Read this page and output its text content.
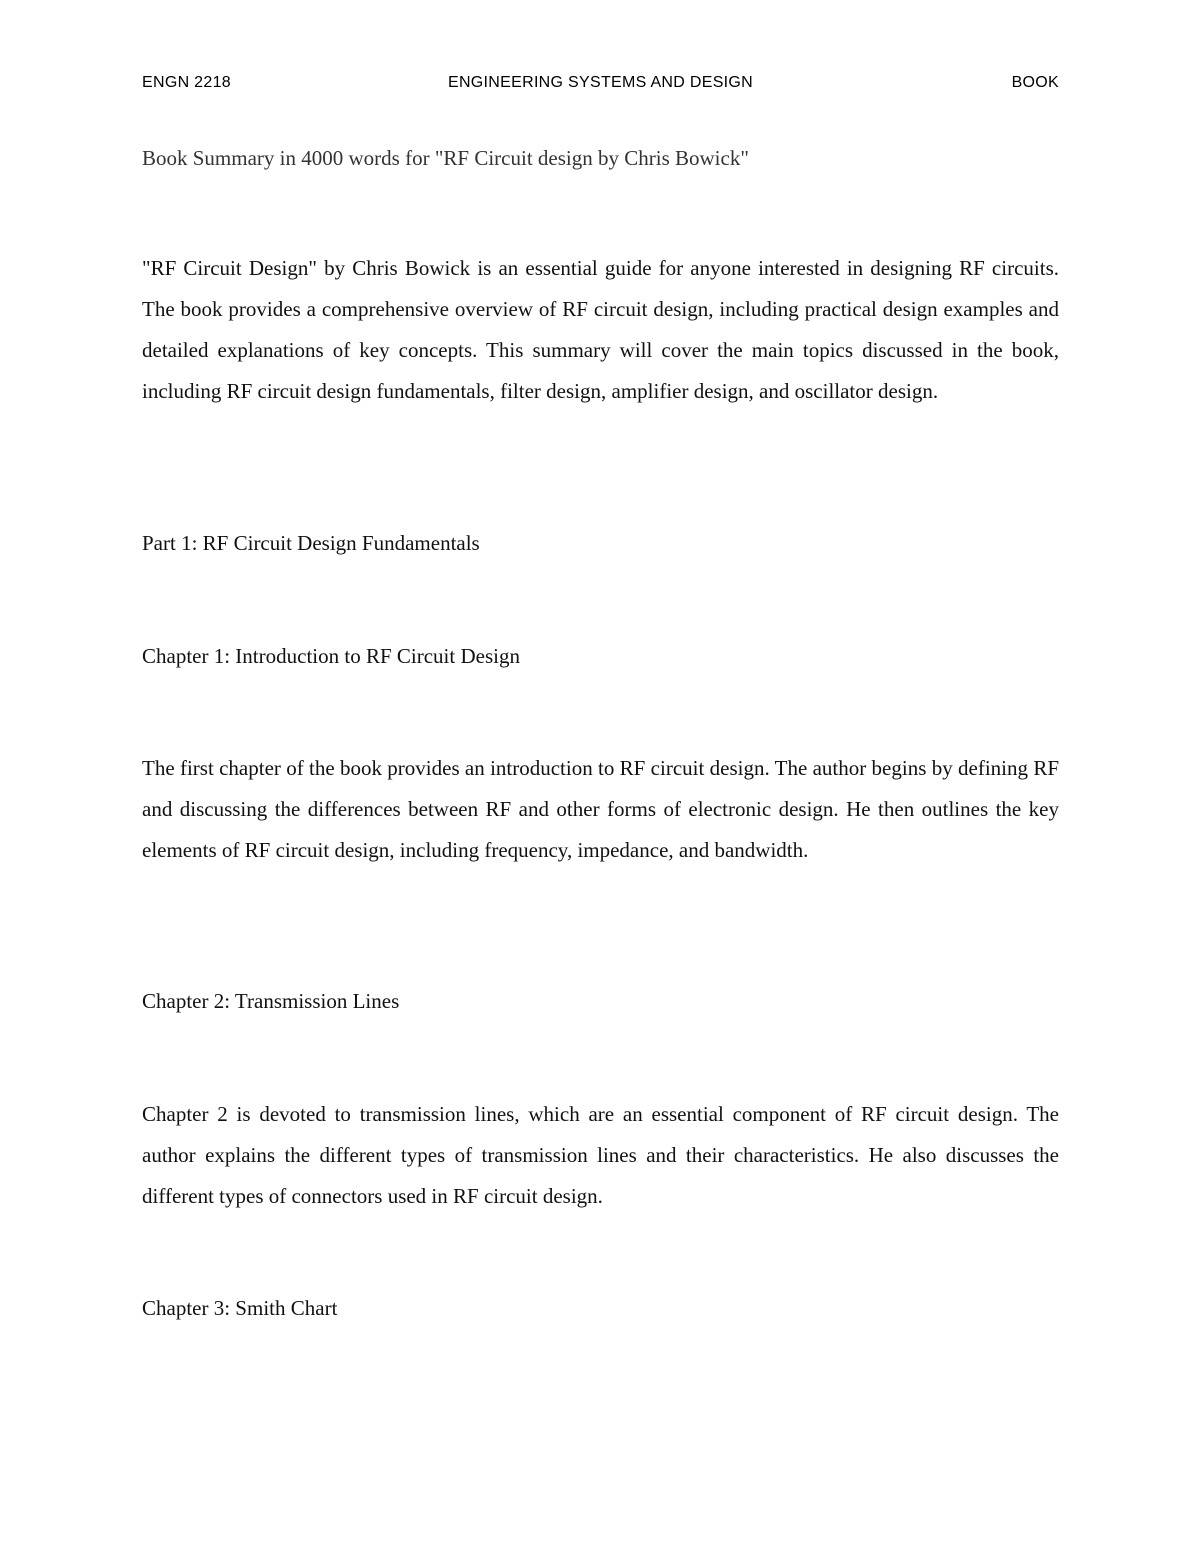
ENGN 2218	ENGINEERING SYSTEMS AND DESIGN	BOOK
Book Summary in 4000 words for "RF Circuit design by Chris Bowick"
"RF Circuit Design" by Chris Bowick is an essential guide for anyone interested in designing RF circuits. The book provides a comprehensive overview of RF circuit design, including practical design examples and detailed explanations of key concepts. This summary will cover the main topics discussed in the book, including RF circuit design fundamentals, filter design, amplifier design, and oscillator design.
Part 1: RF Circuit Design Fundamentals
Chapter 1: Introduction to RF Circuit Design
The first chapter of the book provides an introduction to RF circuit design. The author begins by defining RF and discussing the differences between RF and other forms of electronic design. He then outlines the key elements of RF circuit design, including frequency, impedance, and bandwidth.
Chapter 2: Transmission Lines
Chapter 2 is devoted to transmission lines, which are an essential component of RF circuit design. The author explains the different types of transmission lines and their characteristics. He also discusses the different types of connectors used in RF circuit design.
Chapter 3: Smith Chart
